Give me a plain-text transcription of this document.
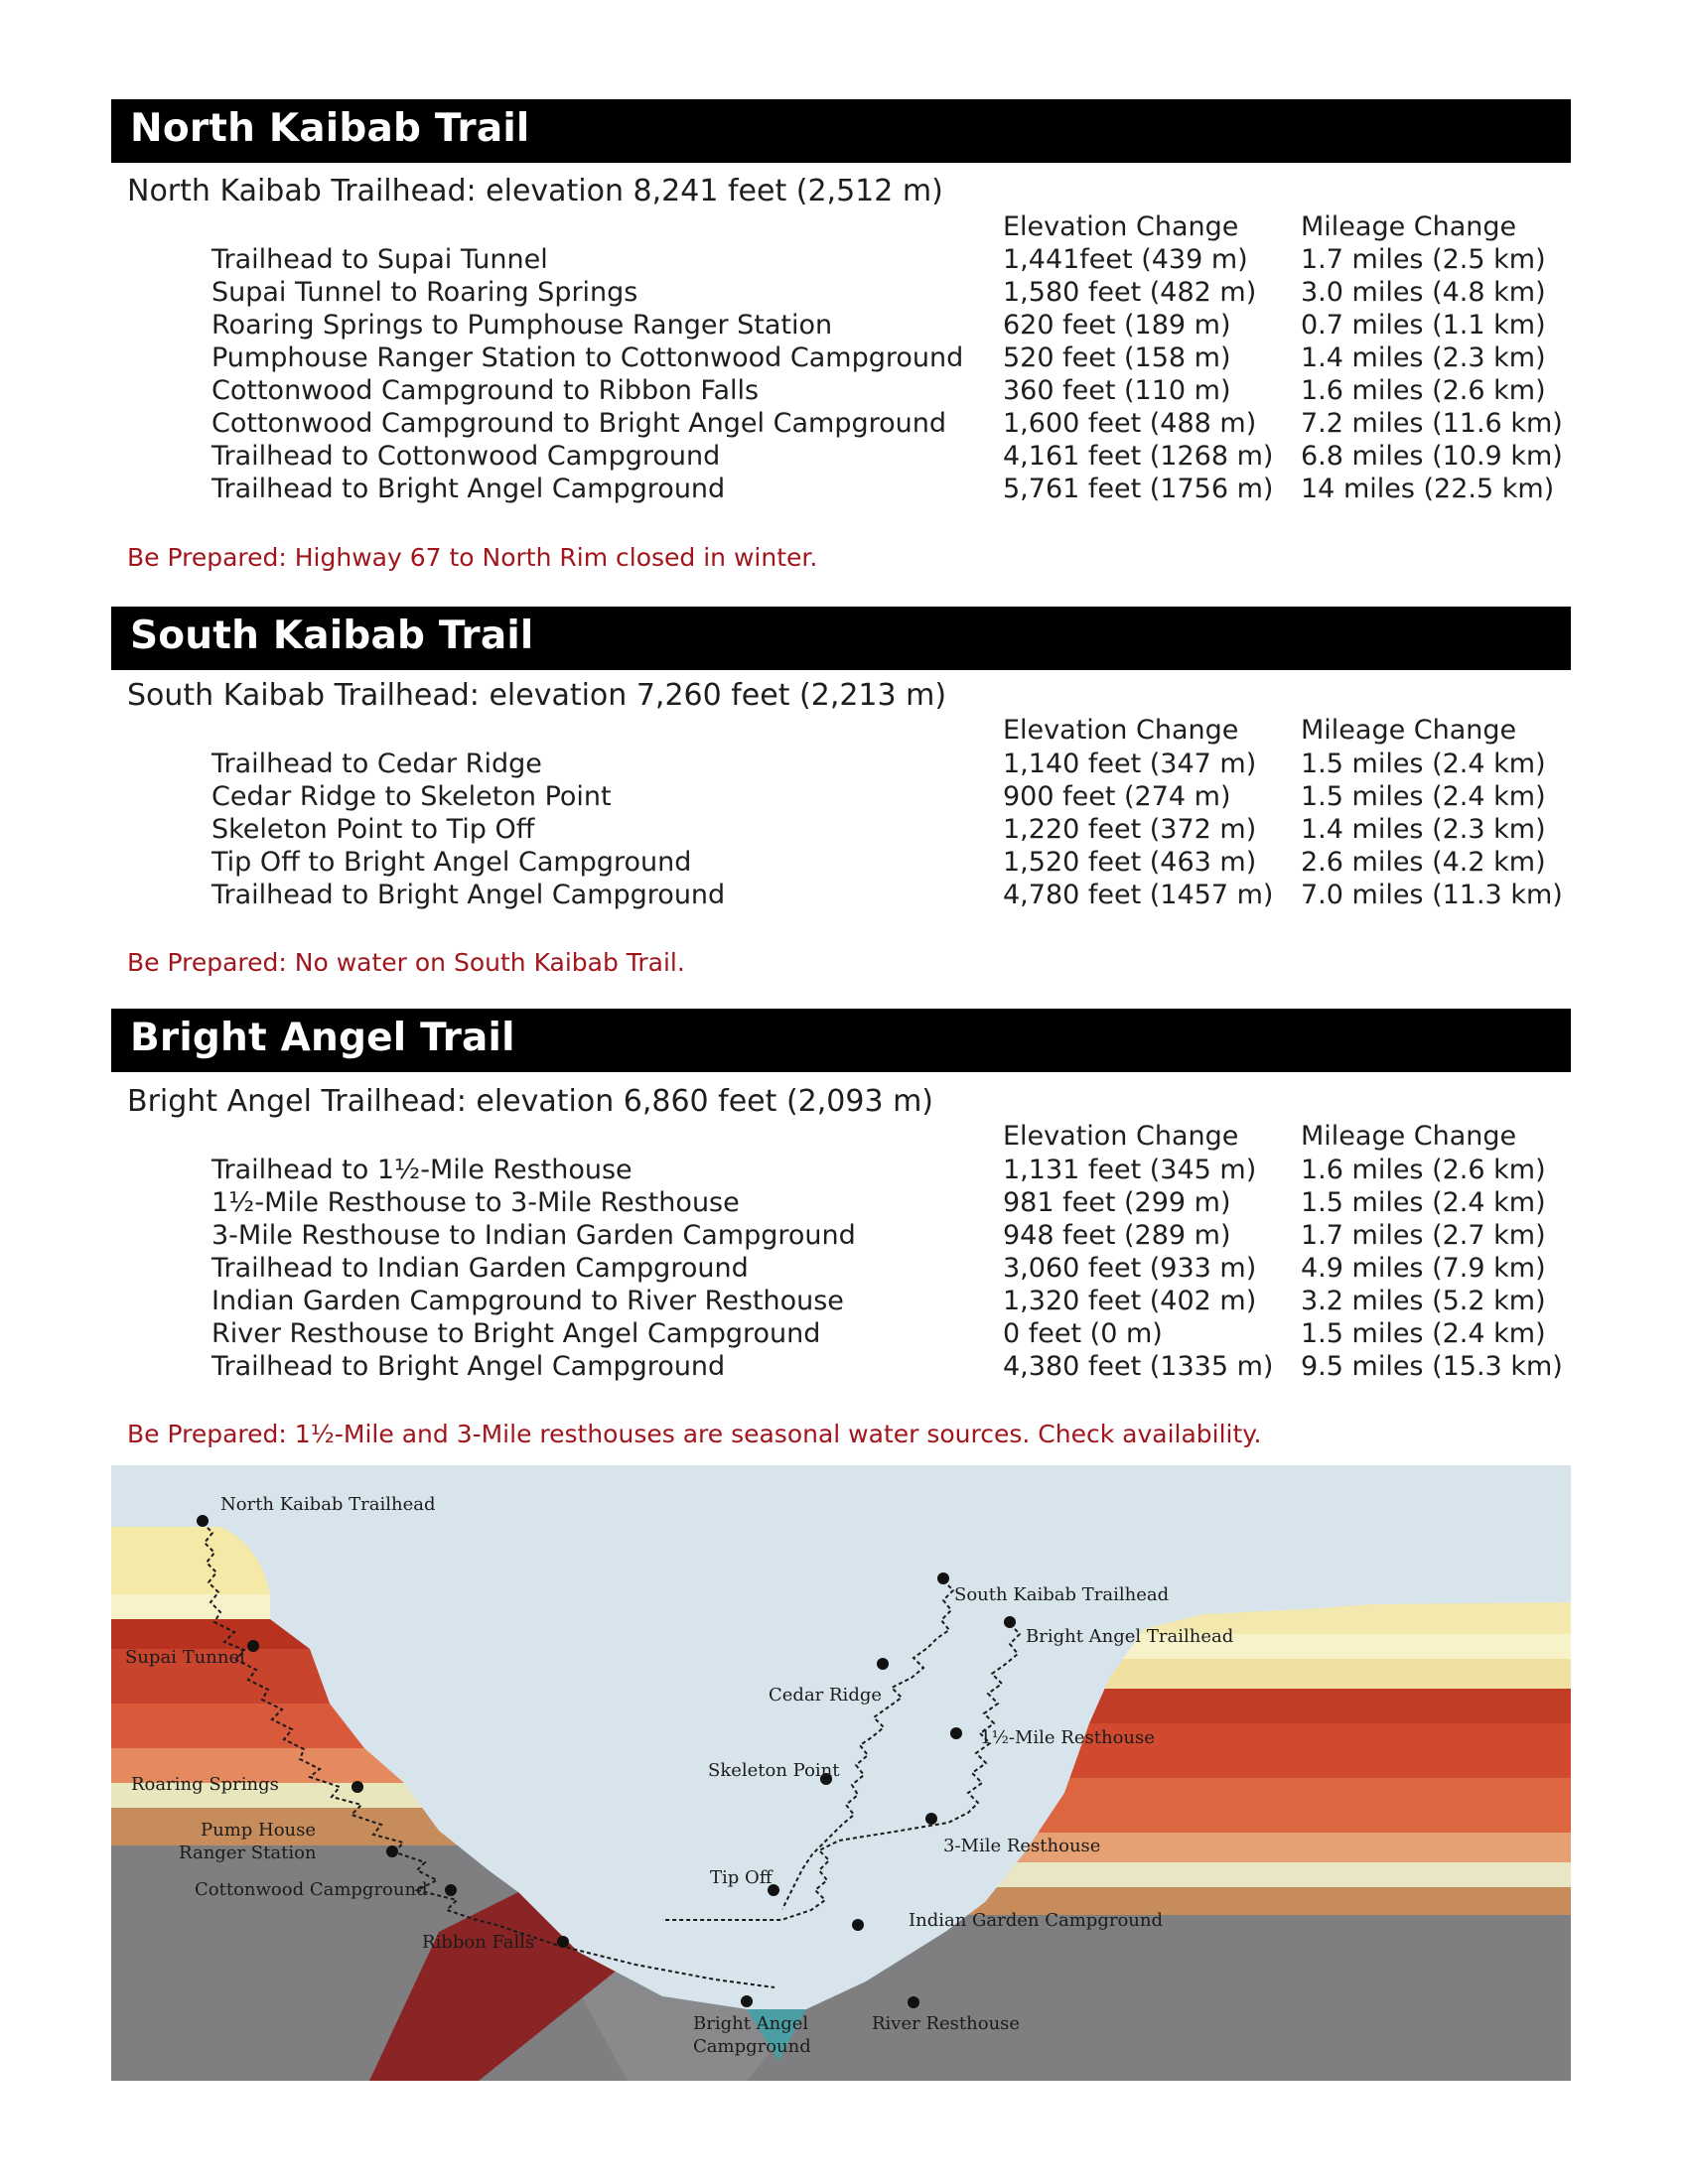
North Kaibab Trail
North Kaibab Trailhead: elevation 8,241 feet (2,512 m)
Elevation Change Mileage Change
Trailhead to Supai Tunnel	1,441feet (439 m) 1.7 miles (2.5 km)
Supai Tunnel to Roaring Springs	1,580 feet (482 m) 3.0 miles (4.8 km)
Roaring Springs to Pumphouse Ranger Station	620 feet (189 m)	0.7 miles (1.1 km)
Pumphouse Ranger Station to Cottonwood Campground 520 feet (158 m)	1.4 miles (2.3 km)
Cottonwood Campground to Ribbon Falls	360 feet (110 m)	1.6 miles (2.6 km)
Cottonwood Campground to Bright Angel Campground 1,600 feet (488 m) 7.2 miles (11.6 km)
Trailhead to Cottonwood Campground	4,161 feet (1268 m) 6.8 miles (10.9 km)
Trailhead to Bright Angel Campground	5,761 feet (1756 m) 14 miles (22.5 km)
Be Prepared: Highway 67 to North Rim closed in winter.
South Kaibab Trail
South Kaibab Trailhead: elevation 7,260 feet (2,213 m)
Elevation Change Mileage Change
Trailhead to Cedar Ridge	1,140 feet (347 m) 1.5 miles (2.4 km)
Cedar Ridge to Skeleton Point	900 feet (274 m)	1.5 miles (2.4 km)
Skeleton Point to Tip Off	1,220 feet (372 m) 1.4 miles (2.3 km)
Tip Off to Bright Angel Campground	1,520 feet (463 m) 2.6 miles (4.2 km)
Trailhead to Bright Angel Campground	4,780 feet (1457 m) 7.0 miles (11.3 km)
Be Prepared: No water on South Kaibab Trail.
Bright Angel Trail
Bright Angel Trailhead: elevation 6,860 feet (2,093 m)
Elevation Change Mileage Change
Trailhead to 1½-Mile Resthouse	1,131 feet (345 m) 1.6 miles (2.6 km)
1½-Mile Resthouse to 3-Mile Resthouse	981 feet (299 m)	1.5 miles (2.4 km)
3-Mile Resthouse to Indian Garden Campground	948 feet (289 m)	1.7 miles (2.7 km)
Trailhead to Indian Garden Campground	3,060 feet (933 m) 4.9 miles (7.9 km)
Indian Garden Campground to River Resthouse	1,320 feet (402 m) 3.2 miles (5.2 km)
River Resthouse to Bright Angel Campground	0 feet (0 m)	1.5 miles (2.4 km)
Trailhead to Bright Angel Campground	4,380 feet (1335 m) 9.5 miles (15.3 km)
Be Prepared: 1½-Mile and 3-Mile resthouses are seasonal water sources. Check availability.
North Kaibab Trailhead
Supai Tunnel
Roaring Springs
Pump House
Ranger Station
Cottonwood Campground
Ribbon Falls
Bright Angel
Campground
South Kaibab Trailhead
Bright Angel Trailhead
Cedar Ridge
1½-Mile Resthouse
Skeleton Point
3-Mile Resthouse
Tip Off
Indian Garden Campground
River Resthouse
